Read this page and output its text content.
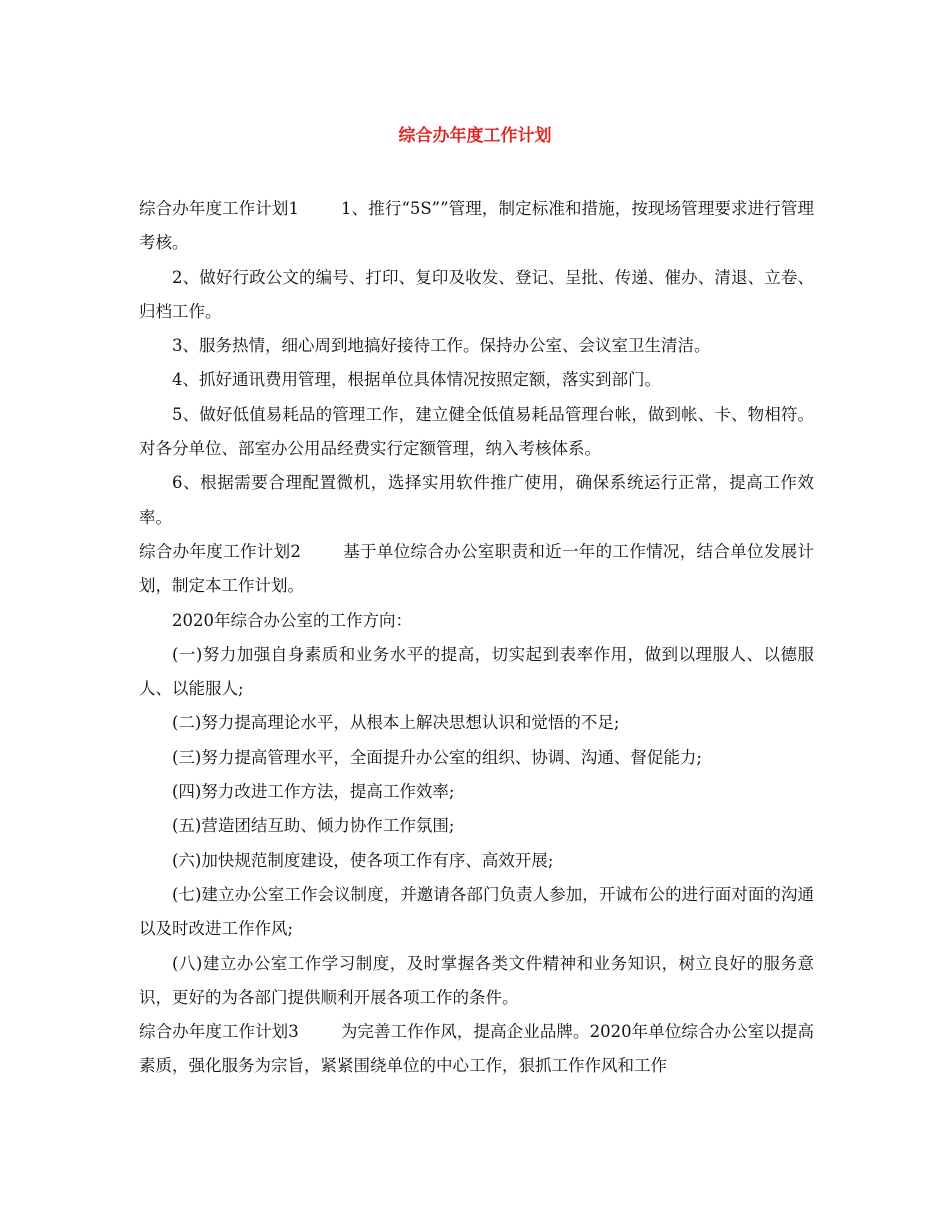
综合办年度工作计划

综合办年度工作计划1	1、推行“5S””管理，制定标准和措施，按现场管理要求进行管理考核。

2、做好行政公文的编号、打印、复印及收发、登记、呈批、传递、催办、清退、立卷、归档工作。

3、服务热情，细心周到地搞好接待工作。保持办公室、会议室卫生清洁。

4、抓好通讯费用管理，根据单位具体情况按照定额，落实到部门。

5、做好低值易耗品的管理工作，建立健全低值易耗品管理台帐，做到帐、卡、物相符。对各分单位、部室办公用品经费实行定额管理，纳入考核体系。

6、根据需要合理配置微机，选择实用软件推广使用，确保系统运行正常，提高工作效率。

综合办年度工作计划2	基于单位综合办公室职责和近一年的工作情况，结合单位发展计划，制定本工作计划。

2020年综合办公室的工作方向：

(一)努力加强自身素质和业务水平的提高，切实起到表率作用，做到以理服人、以德服人、以能服人;

(二)努力提高理论水平，从根本上解决思想认识和觉悟的不足;

(三)努力提高管理水平，全面提升办公室的组织、协调、沟通、督促能力;

(四)努力改进工作方法，提高工作效率;

(五)营造团结互助、倾力协作工作氛围;

(六)加快规范制度建设，使各项工作有序、高效开展;

(七)建立办公室工作会议制度，并邀请各部门负责人参加，开诚布公的进行面对面的沟通以及时改进工作作风;

(八)建立办公室工作学习制度，及时掌握各类文件精神和业务知识，树立良好的服务意识，更好的为各部门提供顺利开展各项工作的条件。

综合办年度工作计划3	为完善工作作风，提高企业品牌。2020年单位综合办公室以提高素质，强化服务为宗旨，紧紧围绕单位的中心工作，狠抓工作作风和工作
